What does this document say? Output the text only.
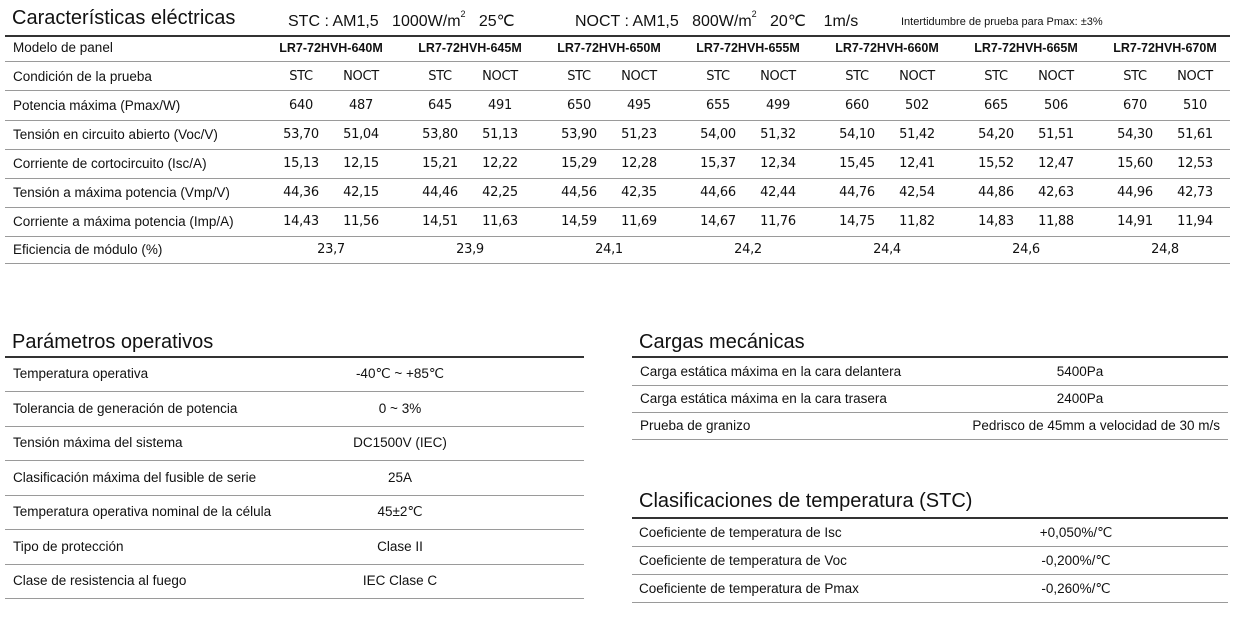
Características eléctricas	STC : AM1,5 $1000W/m^2$ 25℃	NOCT : AM1,5 $800W/m^2$ 20℃ 1m/s	Intertidumbre de prueba para Pmax: ±3%
Modelo de panel	LR7-72HVH-640M	LR7-72HVH-645M	LR7-72HVH-650M	LR7-72HVH-655M	LR7-72HVH-660M	LR7-72HVH-665M	LR7-72HVH-670M
Condición de la prueba	STC	NOCT	STC	NOCT	STC	NOCT	STC	NOCT	STC	NOCT	STC	NOCT	STC	NOCT
Potencia máxima (Pmax/W)	640	487	645	491	650	495	655	499	660	502	665	506	670	510
Tensión en circuito abierto (Voc/V)	53,70	51,04	53,80	51,13	53,90	51,23	54,00	51,32	54,10	51,42	54,20	51,51	54,30	51,61
Corriente de cortocircuito (Isc/A)	15,13	12,15	15,21	12,22	15,29	12,28	15,37	12,34	15,45	12,41	15,52	12,47	15,60	12,53
Tensión a máxima potencia (Vmp/V)	44,36	42,15	44,46	42,25	44,56	42,35	44,66	42,44	44,76	42,54	44,86	42,63	44,96	42,73
Corriente a máxima potencia (Imp/A)	14,43	11,56	14,51	11,63	14,59	11,69	14,67	11,76	14,75	11,82	14,83	11,88	14,91	11,94
Eficiencia de módulo (%)	23,7	23,9	24,1	24,2	24,4	24,6	24,8
Parámetros operativos
Temperatura operativa	-40℃ ~ +85℃
Tolerancia de generación de potencia	0 ~ 3%
Tensión máxima del sistema	DC1500V (IEC)
Clasificación máxima del fusible de serie	25A
Temperatura operativa nominal de la célula	45±2℃
Tipo de protección	Clase II
Clase de resistencia al fuego	IEC Clase C
Cargas mecánicas
Carga estática máxima en la cara delantera	5400Pa
Carga estática máxima en la cara trasera	2400Pa
Prueba de granizo	Pedrisco de 45mm a velocidad de 30 m/s
Clasificaciones de temperatura (STC)
Coeficiente de temperatura de Isc	+0,050%/℃
Coeficiente de temperatura de Voc	-0,200%/℃
Coeficiente de temperatura de Pmax	-0,260%/℃
